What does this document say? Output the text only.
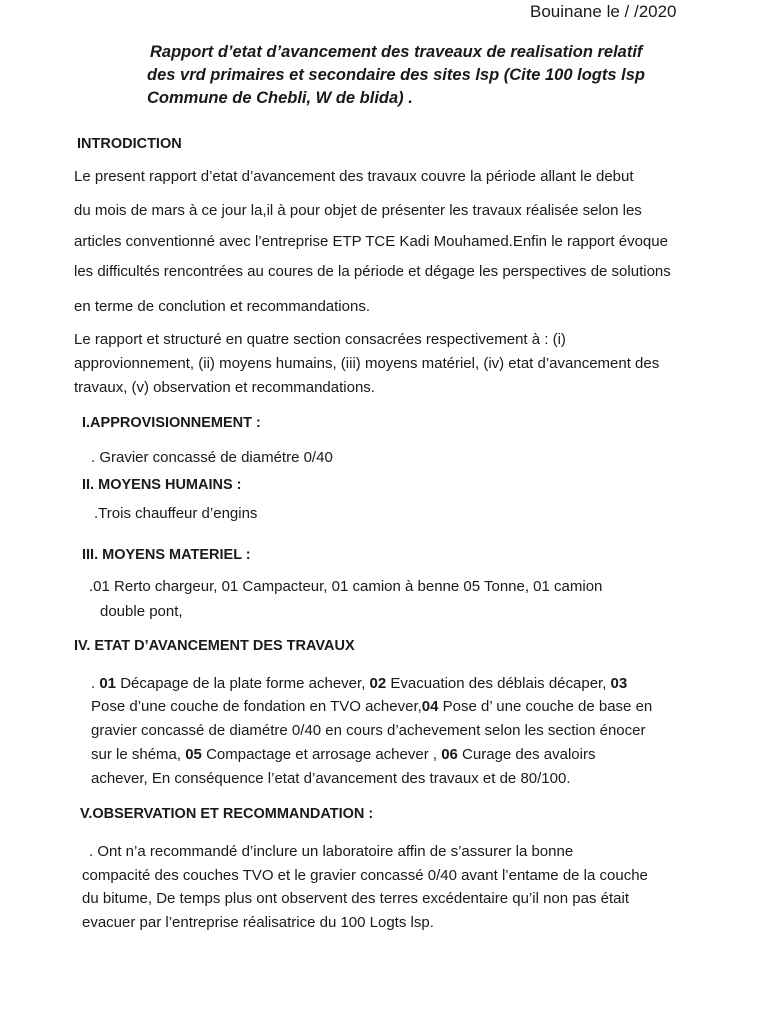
Bouinane le / /2020
Rapport d’etat d’avancement des traveaux de realisation relatif
des vrd primaires et secondaire des sites lsp (Cite 100 logts lsp
Commune de Chebli, W de blida) .
INTRODICTION
Le present rapport d’etat d’avancement des travaux couvre la période allant le debut
du mois de mars à ce jour la,il à pour objet de présenter les travaux réalisée selon les
articles conventionné avec l’entreprise ETP TCE Kadi Mouhamed.Enfin le rapport évoque
les difficultés rencontrées au coures de la période et dégage les perspectives de solutions
en terme de conclution et recommandations.
Le rapport et structuré en quatre section consacrées respectivement à : (i)
approvionnement, (ii) moyens humains, (iii) moyens matériel, (iv) etat d’avancement des
travaux, (v) observation et recommandations.
I.APPROVISIONNEMENT :
. Gravier concassé de diamétre 0/40
II. MOYENS HUMAINS :
.Trois chauffeur d’engins
III. MOYENS MATERIEL :
.01 Rerto chargeur, 01 Campacteur, 01 camion à benne 05 Tonne, 01 camion
double pont,
IV. ETAT D’AVANCEMENT DES TRAVAUX
. 01 Décapage de la plate forme achever, 02 Evacuation des déblais décaper, 03
Pose d’une couche de fondation en TVO achever,04 Pose d’ une couche de base en
gravier concassé de diamétre 0/40 en cours d’achevement selon les section énocer
sur le shéma, 05 Compactage et arrosage achever , 06 Curage des avaloirs
achever, En conséquence l’etat d’avancement des travaux et de 80/100.
V.OBSERVATION ET RECOMMANDATION :
. Ont n’a recommandé d’inclure un laboratoire affin de s’assurer la bonne
compacité des couches TVO et le gravier concassé 0/40 avant l’entame de la couche
du bitume, De temps plus ont observent des terres excédentaire qu’il non pas était
evacuer par l’entreprise réalisatrice du 100 Logts lsp.
